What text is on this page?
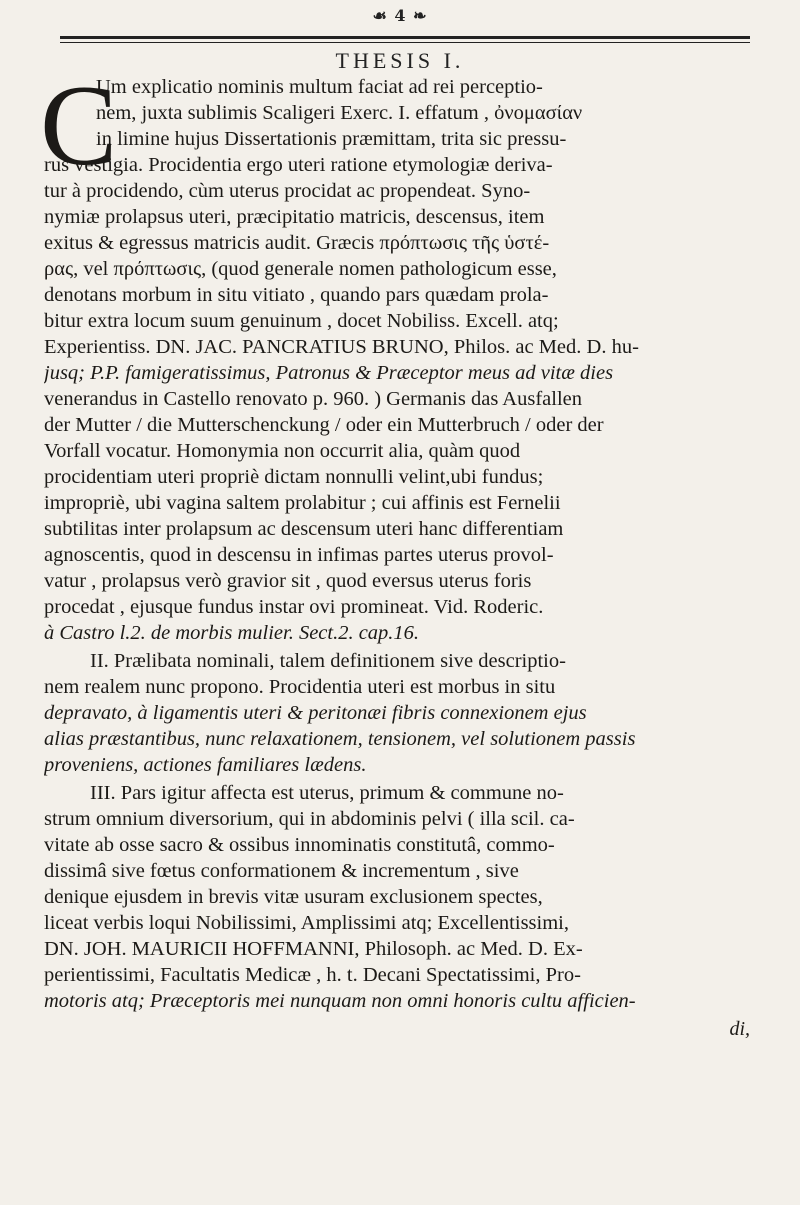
☙ 4 ❧
THESIS I.
C
Um explicatio nominis multum faciat ad rei perceptio-
nem, juxta sublimis Scaligeri Exerc. I. effatum , ὀνομασίαν
in limine hujus Dissertationis præmittam, trita sic pressu-
rus vestigia. Procidentia ergo uteri ratione etymologiæ deriva-
tur à procidendo, cùm uterus procidat ac propendeat. Syno-
nymiæ prolapsus uteri, præcipitatio matricis, descensus, item
exitus & egressus matricis audit. Græcis πρόπτωσις τῆς ὑστέ-
ρας, vel πρόπτωσις, (quod generale nomen pathologicum esse,
denotans morbum in situ vitiato , quando pars quædam prola-
bitur extra locum suum genuinum , docet Nobiliss. Excell. atq;
Experientiss. DN. JAC. PANCRATIUS BRUNO, Philos. ac Med. D. hu-
jusq; P.P. famigeratissimus, Patronus & Præceptor meus ad vitæ dies
venerandus in Castello renovato p. 960. ) Germanis das Ausfallen
der Mutter / die Mutterschenckung / oder ein Mutterbruch / oder der
Vorfall vocatur. Homonymia non occurrit alia, quàm quod
procidentiam uteri propriè dictam nonnulli velint,ubi fundus;
impropriè, ubi vagina saltem prolabitur ; cui affinis est Fernelii
subtilitas inter prolapsum ac descensum uteri hanc differentiam
agnoscentis, quod in descensu in infimas partes uterus provol-
vatur , prolapsus verò gravior sit , quod eversus uterus foris
procedat , ejusque fundus instar ovi promineat. Vid. Roderic.
à Castro l.2. de morbis mulier. Sect.2. cap.16.
II. Prælibata nominali, talem definitionem sive descriptio-
nem realem nunc propono. Procidentia uteri est morbus in situ
depravato, à ligamentis uteri & peritonæi fibris connexionem ejus
alias præstantibus, nunc relaxationem, tensionem, vel solutionem passis
proveniens, actiones familiares lædens.
III. Pars igitur affecta est uterus, primum & commune no-
strum omnium diversorium, qui in abdominis pelvi ( illa scil. ca-
vitate ab osse sacro & ossibus innominatis constitutâ, commo-
dissimâ sive fœtus conformationem & incrementum , sive
denique ejusdem in brevis vitæ usuram exclusionem spectes,
liceat verbis loqui Nobilissimi, Amplissimi atq; Excellentissimi,
DN. JOH. MAURICII HOFFMANNI, Philosoph. ac Med. D. Ex-
perientissimi, Facultatis Medicæ , h. t. Decani Spectatissimi, Pro-
motoris atq; Præceptoris mei nunquam non omni honoris cultu afficien-
di,
